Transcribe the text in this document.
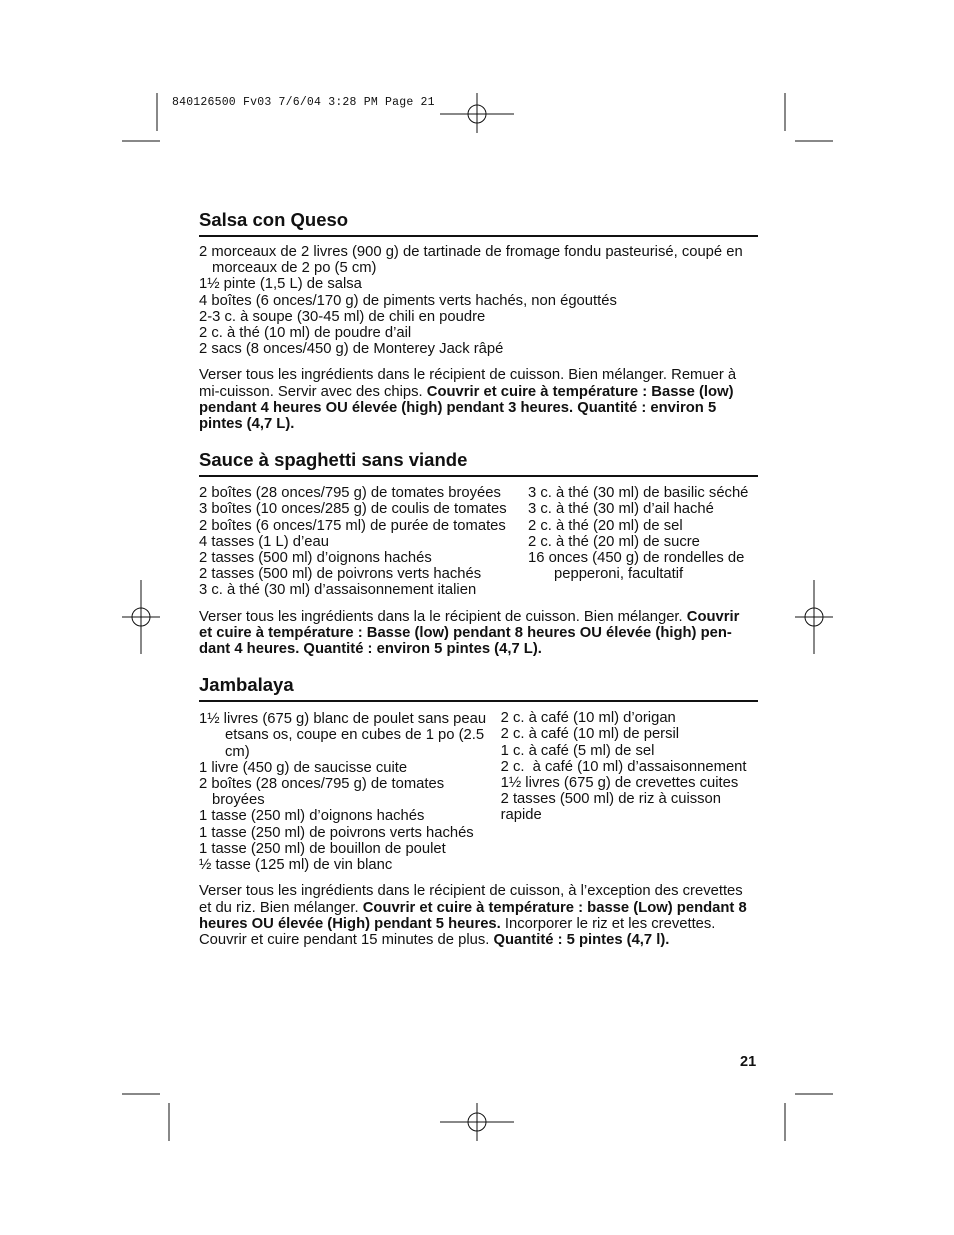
840126500 Fv03 7/6/04 3:28 PM Page 21
Salsa con Queso
2 morceaux de 2 livres (900 g) de tartinade de fromage fondu pasteurisé, coupé en morceaux de 2 po (5 cm)
1½ pinte (1,5 L) de salsa
4 boîtes (6 onces/170 g) de piments verts hachés, non égouttés
2-3 c. à soupe (30-45 ml) de chili en poudre
2 c. à thé (10 ml) de poudre d’ail
2 sacs (8 onces/450 g) de Monterey Jack râpé

Verser tous les ingrédients dans le récipient de cuisson. Bien mélanger. Remuer à mi-cuisson. Servir avec des chips. Couvrir et cuire à température : Basse (low) pendant 4 heures OU élevée (high) pendant 3 heures. Quantité : environ 5 pintes (4,7 L).

Sauce à spaghetti sans viande
2 boîtes (28 onces/795 g) de tomates broyées
3 boîtes (10 onces/285 g) de coulis de tomates
2 boîtes (6 onces/175 ml) de purée de tomates
4 tasses (1 L) d’eau
2 tasses (500 ml) d’oignons hachés
2 tasses (500 ml) de poivrons verts hachés
3 c. à thé (30 ml) d’assaisonnement italien
3 c. à thé (30 ml) de basilic séché
3 c. à thé (30 ml) d’ail haché
2 c. à thé (20 ml) de sel
2 c. à thé (20 ml) de sucre
16 onces (450 g) de rondelles de pepperoni, facultatif

Verser tous les ingrédients dans la le récipient de cuisson. Bien mélanger. Couvrir et cuire à température : Basse (low) pendant 8 heures OU élevée (high) pen-dant 4 heures. Quantité : environ 5 pintes (4,7 L).

Jambalaya
1½ livres (675 g) blanc de poulet sans peau etsans os, coupe en cubes de 1 po (2.5 cm)
1 livre (450 g) de saucisse cuite
2 boîtes (28 onces/795 g) de tomates broyées
1 tasse (250 ml) d’oignons hachés
1 tasse (250 ml) de poivrons verts hachés
1 tasse (250 ml) de bouillon de poulet
½ tasse (125 ml) de vin blanc
2 c. à café (10 ml) d’origan
2 c. à café (10 ml) de persil
1 c. à café (5 ml) de sel
2 c.  à café (10 ml) d’assaisonnement
1½ livres (675 g) de crevettes cuites
2 tasses (500 ml) de riz à cuisson rapide

Verser tous les ingrédients dans le récipient de cuisson, à l’exception des crevettes et du riz. Bien mélanger. Couvrir et cuire à température : basse (Low) pendant 8 heures OU élevée (High) pendant 5 heures. Incorporer le riz et les crevettes. Couvrir et cuire pendant 15 minutes de plus. Quantité : 5 pintes (4,7 l).

21
